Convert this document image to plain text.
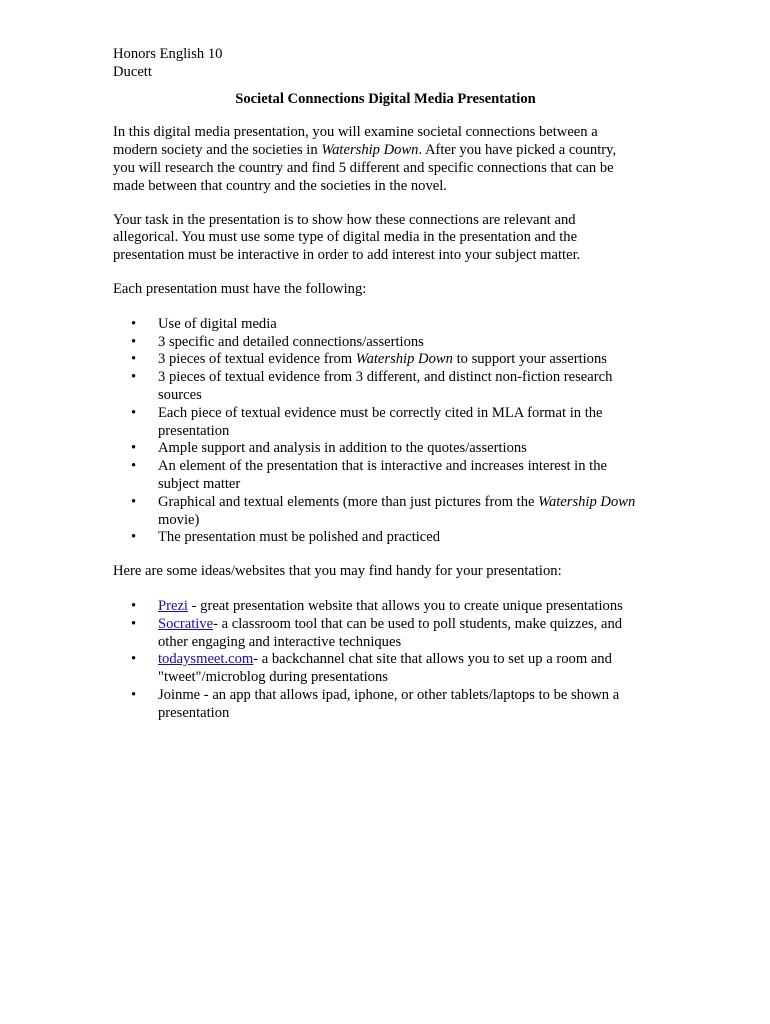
Honors English 10
Ducett
Societal Connections Digital Media Presentation

In this digital media presentation, you will examine societal connections between a
modern society and the societies in Watership Down. After you have picked a country,
you will research the country and find 5 different and specific connections that can be
made between that country and the societies in the novel.

Your task in the presentation is to show how these connections are relevant and
allegorical. You must use some type of digital media in the presentation and the
presentation must be interactive in order to add interest into your subject matter.

Each presentation must have the following:

• Use of digital media
• 3 specific and detailed connections/assertions
• 3 pieces of textual evidence from Watership Down to support your assertions
• 3 pieces of textual evidence from 3 different, and distinct non-fiction research
sources
• Each piece of textual evidence must be correctly cited in MLA format in the
presentation
• Ample support and analysis in addition to the quotes/assertions
• An element of the presentation that is interactive and increases interest in the
subject matter
• Graphical and textual elements (more than just pictures from the Watership Down
movie)
• The presentation must be polished and practiced

Here are some ideas/websites that you may find handy for your presentation:

• Prezi - great presentation website that allows you to create unique presentations
• Socrative- a classroom tool that can be used to poll students, make quizzes, and
other engaging and interactive techniques
• todaysmeet.com- a backchannel chat site that allows you to set up a room and
"tweet"/microblog during presentations
• Joinme - an app that allows ipad, iphone, or other tablets/laptops to be shown a
presentation
